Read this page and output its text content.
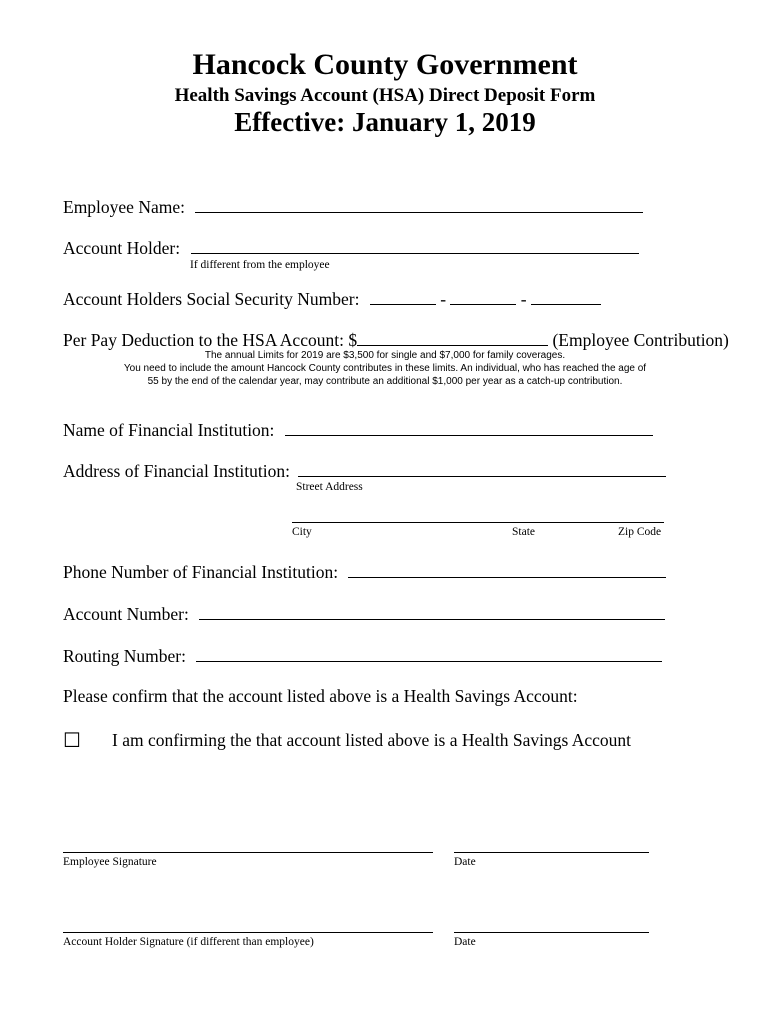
Hancock County Government
Health Savings Account (HSA) Direct Deposit Form
Effective: January 1, 2019
Employee Name:
Account Holder:
If different from the employee
Account Holders Social Security Number:	-	-
Per Pay Deduction to the HSA Account: $	(Employee Contribution)
The annual Limits for 2019 are $3,500 for single and $7,000 for family coverages.
You need to include the amount Hancock County contributes in these limits. An individual, who has reached the age of
55 by the end of the calendar year, may contribute an additional $1,000 per year as a catch-up contribution.
Name of Financial Institution:
Address of Financial Institution:
Street Address
City	State	Zip Code
Phone Number of Financial Institution:
Account Number:
Routing Number:
Please confirm that the account listed above is a Health Savings Account:
☐ I am confirming the that account listed above is a Health Savings Account
Employee Signature	Date
Account Holder Signature (if different than employee)	Date
